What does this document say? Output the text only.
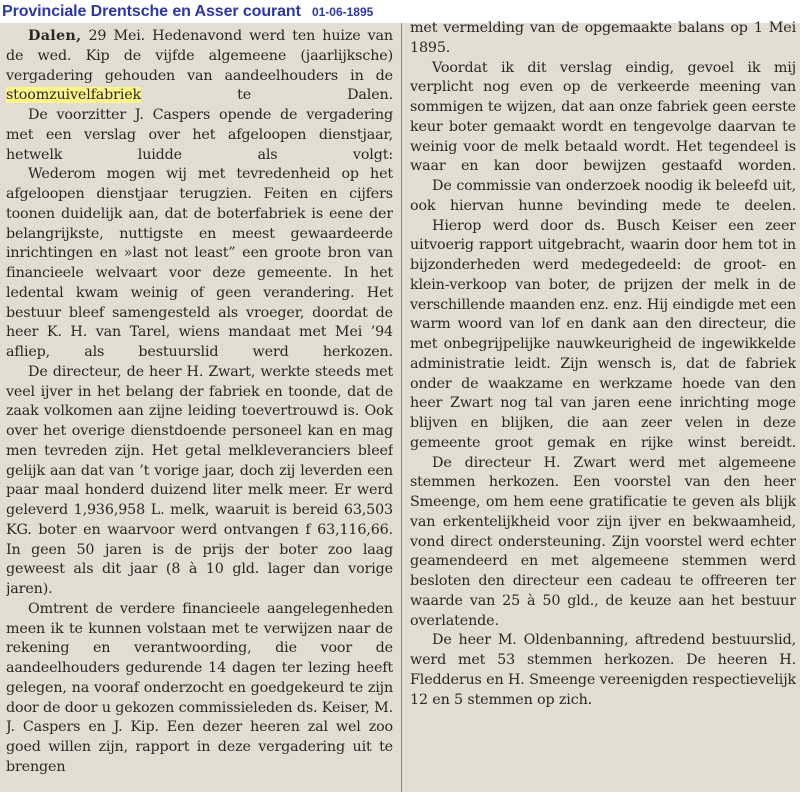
Provinciale Drentsche en Asser courant 01-06-1895

Dalen, 29 Mei. Hedenavond werd ten huize van de wed. Kip de vijfde algemeene (jaarlijksche) vergadering gehouden van aandeelhouders in de stoomzuivelfabriek te Dalen.

De voorzitter J. Caspers opende de vergadering met een verslag over het afgeloopen dienstjaar, hetwelk luidde als volgt:

Wederom mogen wij met tevredenheid op het afgeloopen dienstjaar terugzien. Feiten en cijfers toonen duidelijk aan, dat de boterfabriek is eene der belangrijkste, nuttigste en meest gewaardeerde inrichtingen en »last not least” een groote bron van financieele welvaart voor deze gemeente. In het ledental kwam weinig of geen verandering. Het bestuur bleef samengesteld als vroeger, doordat de heer K. H. van Tarel, wiens mandaat met Mei ’94 afliep, als bestuurslid werd herkozen.

De directeur, de heer H. Zwart, werkte steeds met veel ijver in het belang der fabriek en toonde, dat de zaak volkomen aan zijne leiding toevertrouwd is. Ook over het overige dienstdoende personeel kan en mag men tevreden zijn. Het getal melkleveranciers bleef gelijk aan dat van ’t vorige jaar, doch zij leverden een paar maal honderd duizend liter melk meer. Er werd geleverd 1,936,958 L. melk, waaruit is bereid 63,503 KG. boter en waarvoor werd ontvangen f 63,116,66. In geen 50 jaren is de prijs der boter zoo laag geweest als dit jaar (8 à 10 gld. lager dan vorige jaren).

Omtrent de verdere financieele aangelegenheden meen ik te kunnen volstaan met te verwijzen naar de rekening en verantwoording, die voor de aandeelhouders gedurende 14 dagen ter lezing heeft gelegen, na vooraf onderzocht en goedgekeurd te zijn door de door u gekozen commissieleden ds. Keiser, M. J. Caspers en J. Kip. Een dezer heeren zal wel zoo goed willen zijn, rapport in deze vergadering uit te brengen

met vermelding van de opgemaakte balans op 1 Mei 1895.

Voordat ik dit verslag eindig, gevoel ik mij verplicht nog even op de verkeerde meening van sommigen te wijzen, dat aan onze fabriek geen eerste keur boter gemaakt wordt en tengevolge daarvan te weinig voor de melk betaald wordt. Het tegendeel is waar en kan door bewijzen gestaafd worden.

De commissie van onderzoek noodig ik beleefd uit, ook hiervan hunne bevinding mede te deelen.

Hierop werd door ds. Busch Keiser een zeer uitvoerig rapport uitgebracht, waarin door hem tot in bijzonderheden werd medegedeeld: de groot- en klein-verkoop van boter, de prijzen der melk in de verschillende maanden enz. enz. Hij eindigde met een warm woord van lof en dank aan den directeur, die met onbegrijpelijke nauwkeurigheid de ingewikkelde administratie leidt. Zijn wensch is, dat de fabriek onder de waakzame en werkzame hoede van den heer Zwart nog tal van jaren eene inrichting moge blijven en blijken, die aan zeer velen in deze gemeente groot gemak en rijke winst bereidt.

De directeur H. Zwart werd met algemeene stemmen herkozen. Een voorstel van den heer Smeenge, om hem eene gratificatie te geven als blijk van erkentelijkheid voor zijn ijver en bekwaamheid, vond direct ondersteuning. Zijn voorstel werd echter geamendeerd en met algemeene stemmen werd besloten den directeur een cadeau te offreeren ter waarde van 25 à 50 gld., de keuze aan het bestuur overlatende.

De heer M. Oldenbanning, aftredend bestuurslid, werd met 53 stemmen herkozen. De heeren H. Fledderus en H. Smeenge vereenigden respectievelijk 12 en 5 stemmen op zich.
